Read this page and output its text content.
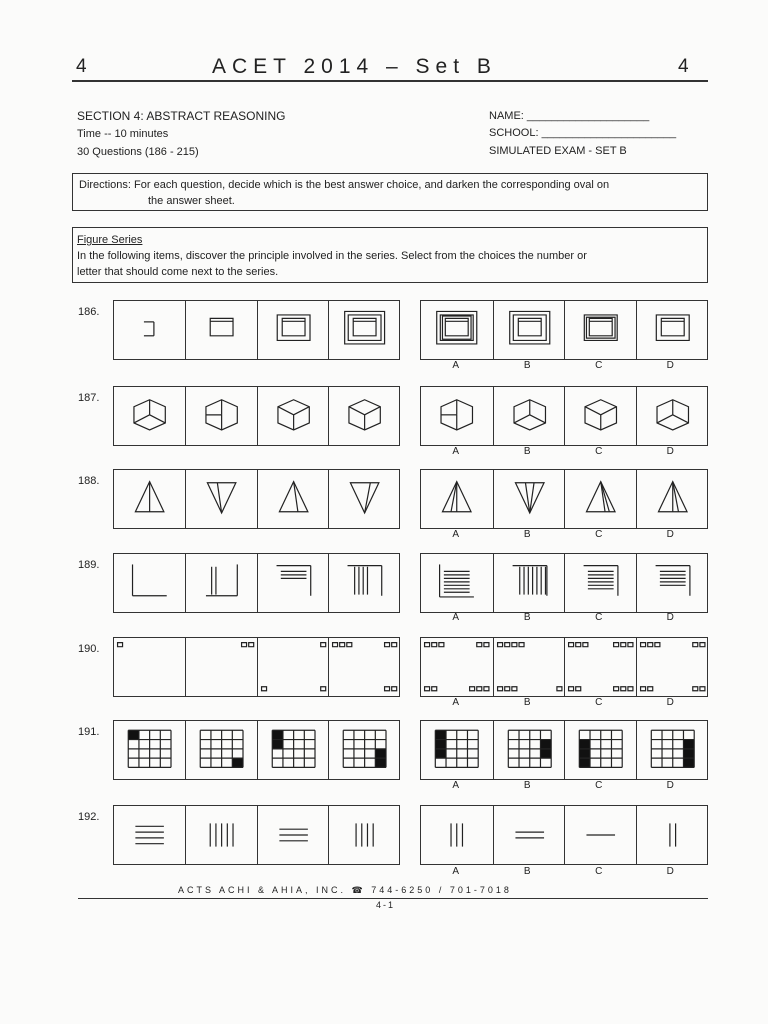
4	ACET 2014 – Set B	4
SECTION 4: ABSTRACT REASONING
Time -- 10 minutes
30 Questions (186 - 215)
NAME: ____________________
SCHOOL: ______________________
SIMULATED EXAM - SET B
Directions: For each question, decide which is the best answer choice, and darken the corresponding oval on
the answer sheet.
Figure Series
In the following items, discover the principle involved in the series. Select from the choices the number or
letter that should come next to the series.
186.
A	B	C	D
187.
A	B	C	D
188.
A	B	C	D
189.
A	B	C	D
190.
A	B	C	D
191.
A	B	C	D
192.
A	B	C	D
ACTS ACHI & AHIA, INC. ☎ 744-6250 / 701-7018
4-1
